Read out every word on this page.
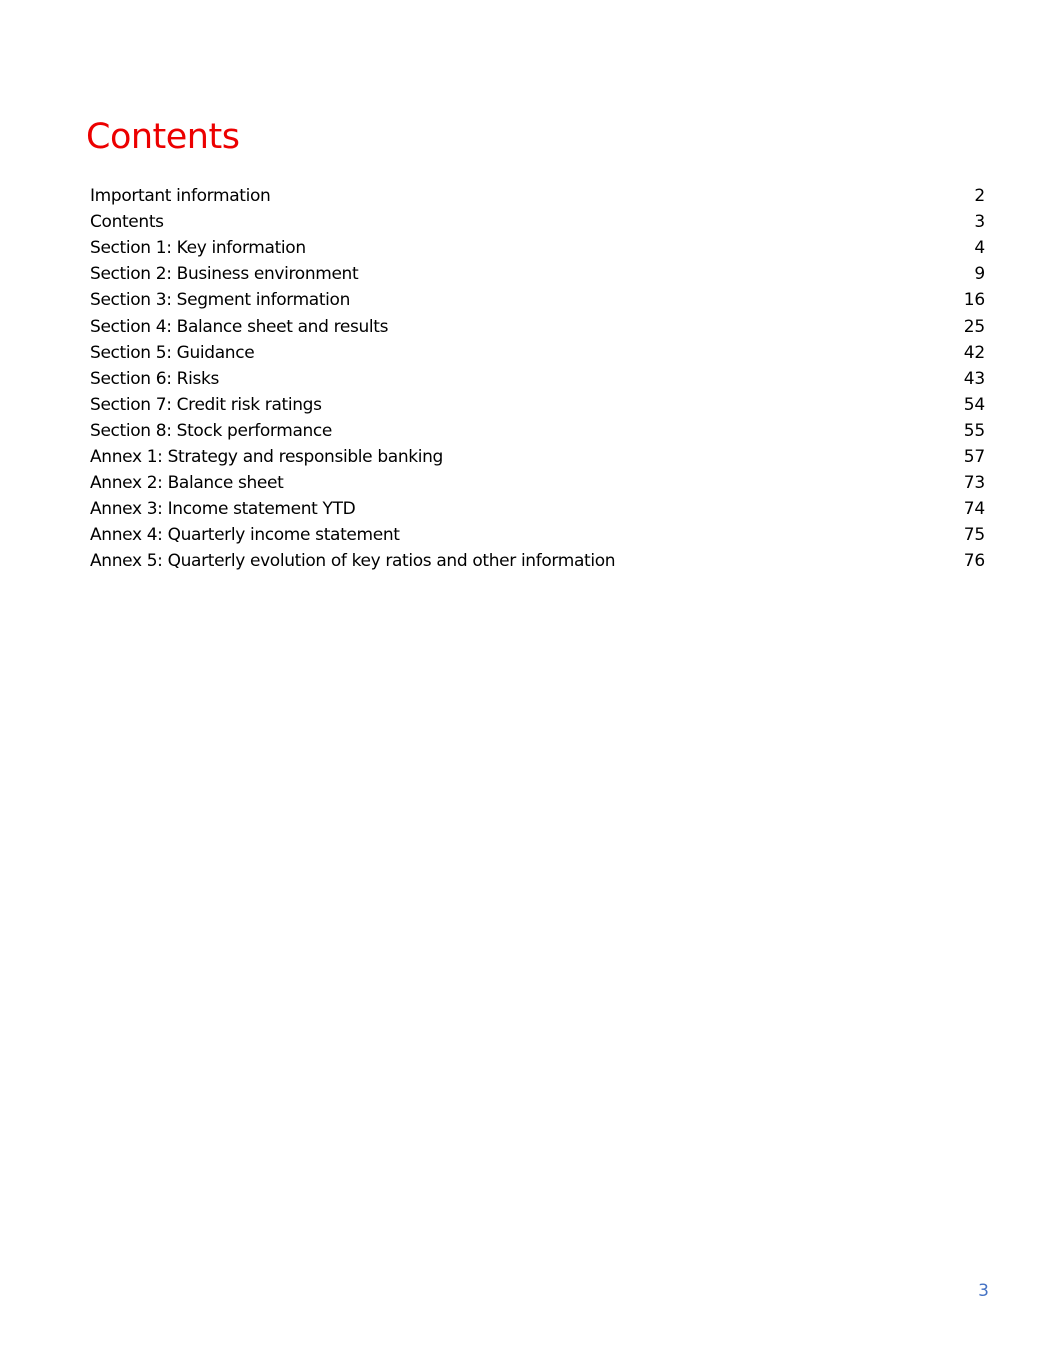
Contents
Important information	2
Contents	3
Section 1: Key information	4
Section 2: Business environment	9
Section 3: Segment information	16
Section 4: Balance sheet and results	25
Section 5: Guidance	42
Section 6: Risks	43
Section 7: Credit risk ratings	54
Section 8: Stock performance	55
Annex 1: Strategy and responsible banking	57
Annex 2: Balance sheet	73
Annex 3: Income statement YTD	74
Annex 4: Quarterly income statement	75
Annex 5: Quarterly evolution of key ratios and other information	76
3
